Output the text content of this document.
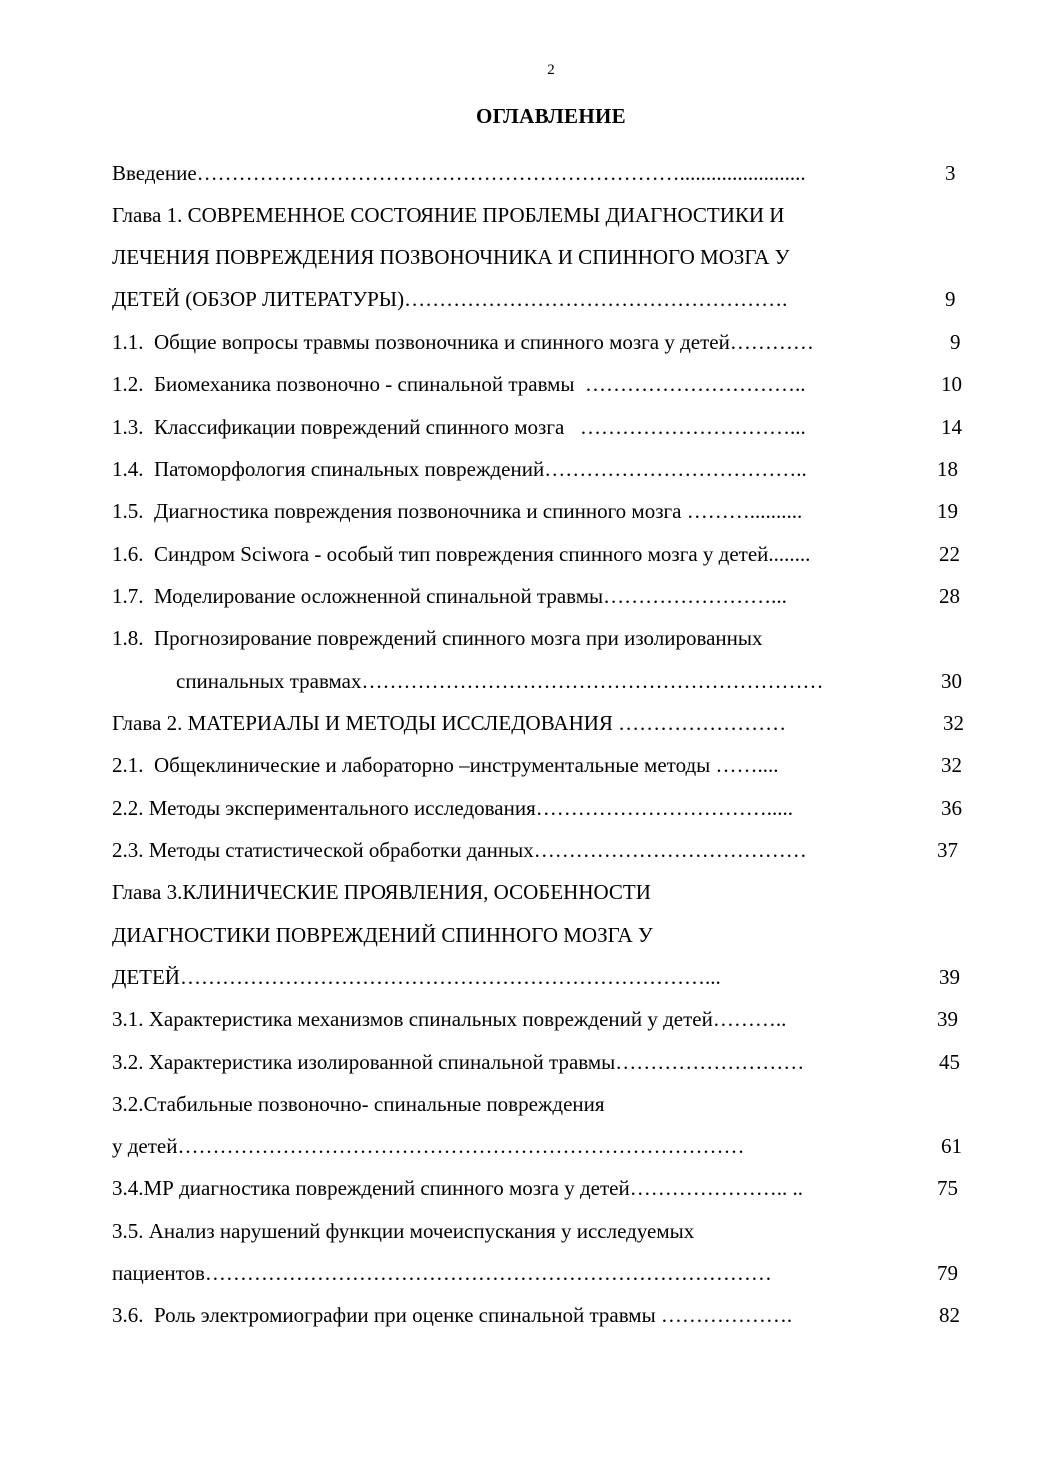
2
ОГЛАВЛЕНИЕ
Введение……………………………………………………………........................	3
Глава 1. СОВРЕМЕННОЕ СОСТОЯНИЕ ПРОБЛЕМЫ ДИАГНОСТИКИ И
ЛЕЧЕНИЯ ПОВРЕЖДЕНИЯ ПОЗВОНОЧНИКА И СПИННОГО МОЗГА У
ДЕТЕЙ (ОБЗОР ЛИТЕРАТУРЫ)……………………………………………….	9
1.1.  Общие вопросы травмы позвоночника и спинного мозга у детей…………	9
1.2.  Биомеханика позвоночно - спинальной травмы  …………………………..	10
1.3.  Классификации повреждений спинного мозга   …………………………...	14
1.4.  Патоморфология спинальных повреждений………………………………..	18
1.5.  Диагностика повреждения позвоночника и спинного мозга ………..........	19
1.6.  Синдром Sciwora - особый тип повреждения спинного мозга у детей........	22
1.7.  Моделирование осложненной спинальной травмы……………………...	28
1.8.  Прогнозирование повреждений спинного мозга при изолированных
спинальных травмах…………………………………………………………	30
Глава 2. МАТЕРИАЛЫ И МЕТОДЫ ИССЛЕДОВАНИЯ ……………………	32
2.1.  Общеклинические и лабораторно –инструментальные методы ……....	32
2.2. Методы экспериментального исследования…………………………….....	36
2.3. Методы статистической обработки данных…………………………………	37
Глава 3.КЛИНИЧЕСКИЕ ПРОЯВЛЕНИЯ, ОСОБЕННОСТИ
ДИАГНОСТИКИ ПОВРЕЖДЕНИЙ СПИННОГО МОЗГА У
ДЕТЕЙ…………………………………………………………………...	39
3.1. Характеристика механизмов спинальных повреждений у детей………..	39
3.2. Характеристика изолированной спинальной травмы………………………	45
3.2.Стабильные позвоночно- спинальные повреждения
у детей………………………………………………………………………	61
3.4.МР диагностика повреждений спинного мозга у детей………………….. ..	75
3.5. Анализ нарушений функции мочеиспускания у исследуемых
пациентов………………………………………………………………………	79
3.6.  Роль электромиографии при оценке спинальной травмы ……………….	82
